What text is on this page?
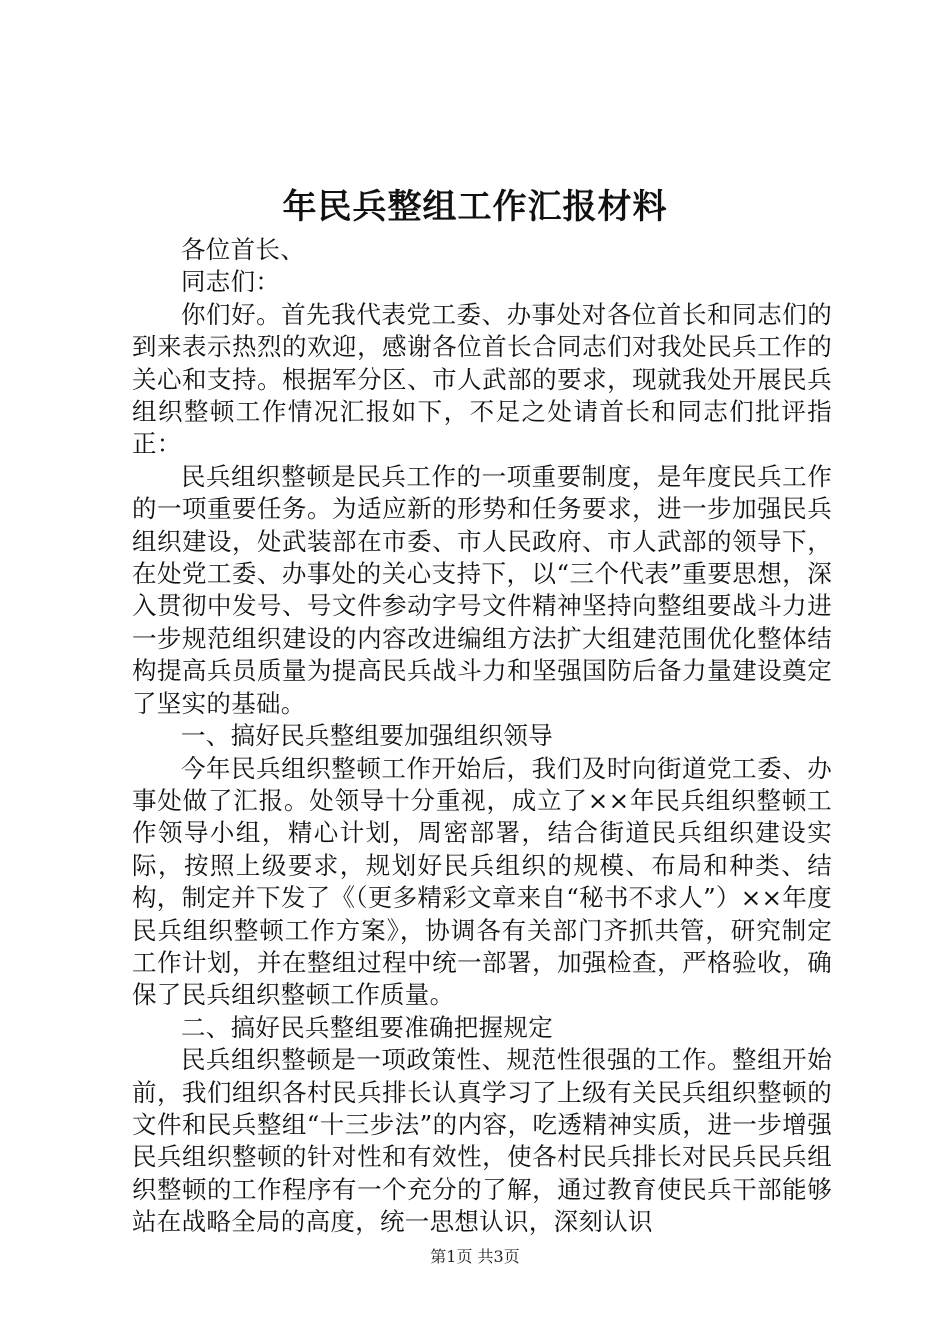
年民兵整组工作汇报材料

各位首长、

同志们：

你们好。首先我代表党工委、办事处对各位首长和同志们的到来表示热烈的欢迎，感谢各位首长合同志们对我处民兵工作的关心和支持。根据军分区、市人武部的要求，现就我处开展民兵组织整顿工作情况汇报如下，不足之处请首长和同志们批评指正：

民兵组织整顿是民兵工作的一项重要制度，是年度民兵工作的一项重要任务。为适应新的形势和任务要求，进一步加强民兵组织建设，处武装部在市委、市人民政府、市人武部的领导下，在处党工委、办事处的关心支持下，以“三个代表”重要思想，深入贯彻中发号、号文件参动字号文件精神坚持向整组要战斗力进一步规范组织建设的内容改进编组方法扩大组建范围优化整体结构提高兵员质量为提高民兵战斗力和坚强国防后备力量建设奠定了坚实的基础。

一、搞好民兵整组要加强组织领导

今年民兵组织整顿工作开始后，我们及时向街道党工委、办事处做了汇报。处领导十分重视，成立了××年民兵组织整顿工作领导小组，精心计划，周密部署，结合街道民兵组织建设实际，按照上级要求，规划好民兵组织的规模、布局和种类、结构，制定并下发了《（更多精彩文章来自“秘书不求人”）××年度民兵组织整顿工作方案》，协调各有关部门齐抓共管，研究制定工作计划，并在整组过程中统一部署，加强检查，严格验收，确保了民兵组织整顿工作质量。

二、搞好民兵整组要准确把握规定

民兵组织整顿是一项政策性、规范性很强的工作。整组开始前，我们组织各村民兵排长认真学习了上级有关民兵组织整顿的文件和民兵整组“十三步法”的内容，吃透精神实质，进一步增强民兵组织整顿的针对性和有效性，使各村民兵排长对民兵民兵组织整顿的工作程序有一个充分的了解，通过教育使民兵干部能够站在战略全局的高度，统一思想认识，深刻认识

第1页 共3页
